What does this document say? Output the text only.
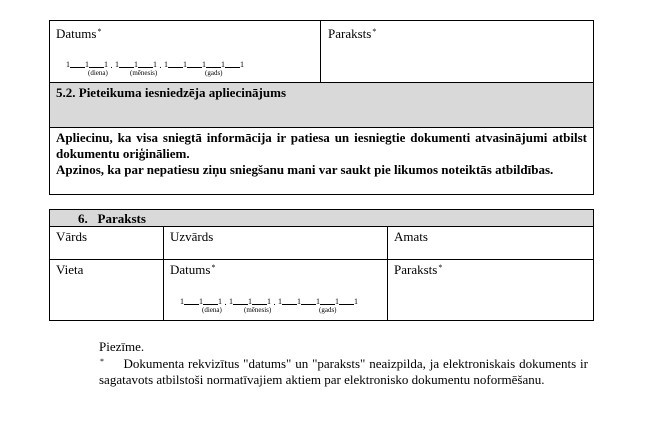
Datums*	Paraksts*
1 1 1 . 1 1 1 . 1 1 1 1 1
(diena)	(mēnesis)	(gads)
5.2. Pieteikuma iesniedzēja apliecinājums
Apliecinu, ka visa sniegtā informācija ir patiesa un iesniegtie dokumenti atvasinājumi atbilst dokumentu oriģināliem.
Apzinos, ka par nepatiesu ziņu sniegšanu mani var saukt pie likumos noteiktās atbildības.
6. Paraksts
Vārds	Uzvārds	Amats
Vieta	Datums*	Paraksts*
1 1 1 . 1 1 1 . 1 1 1 1 1
(diena)	(mēnesis)	(gads)
Piezīme.
* Dokumenta rekvizītus "datums" un "paraksts" neaizpilda, ja elektroniskais dokuments ir sagatavots atbilstoši normatīvajiem aktiem par elektronisko dokumentu noformēšanu.
